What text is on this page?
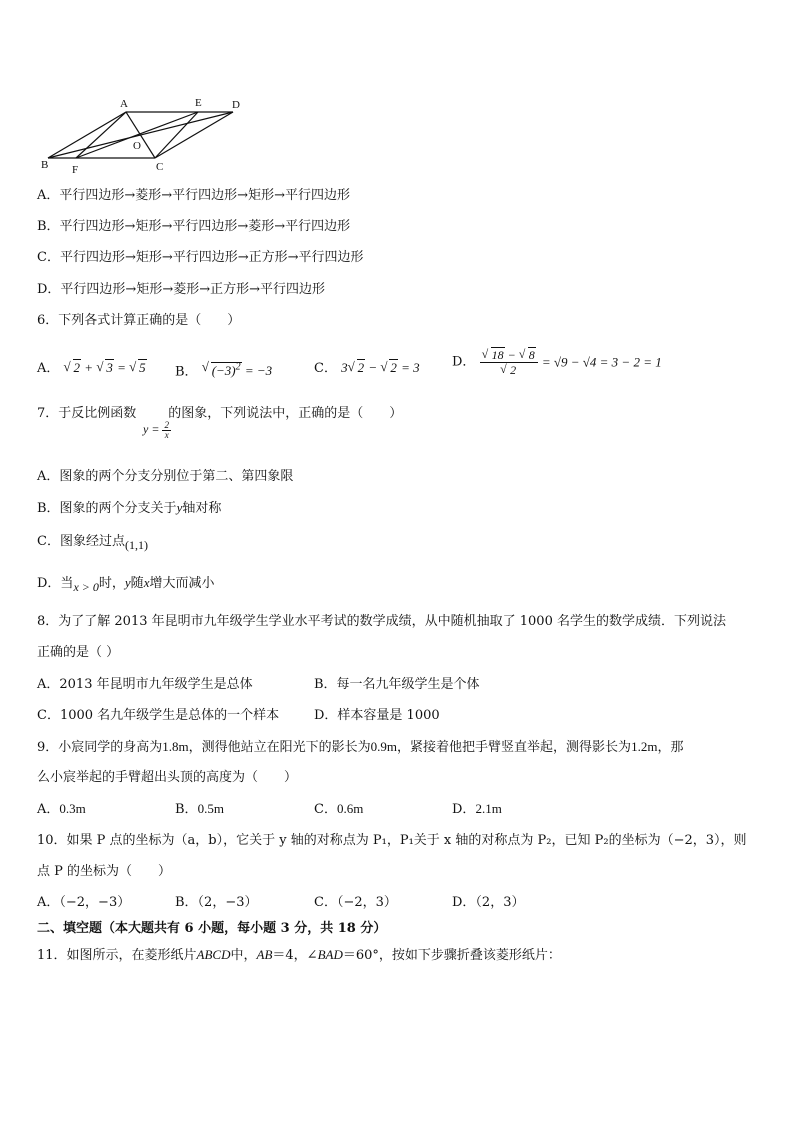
A	E	D
B F	C
O
A．平行四边形→菱形→平行四边形→矩形→平行四边形
B．平行四边形→矩形→平行四边形→菱形→平行四边形
C．平行四边形→矩形→平行四边形→正方形→平行四边形
D．平行四边形→矩形→菱形→正方形→平行四边形
6．下列各式计算正确的是（　　）
A． √ 2 + √ 3 = √ 5 B． √ $(-3)^2 = -3$	C． 3 √ 2 − √ 2 = 3 D． √ 18 − √ 8
√ 2 = √9 − √4 = 3 − 2 = 1
7．于反比例函数 的图象，下列说法中，正确的是（　　）
$y = \frac{2}{x}$
A．图象的两个分支分别位于第二、第四象限
B．图象的两个分支关于y轴对称
C．图象经过点(1,1)
D．当x > 0时，y随x增大而减小
8．为了了解 2013 年昆明市九年级学生学业水平考试的数学成绩，从中随机抽取了 1000 名学生的数学成绩．下列说法
正确的是（ ）
A．2013 年昆明市九年级学生是总体	B．每一名九年级学生是个体
C．1000 名九年级学生是总体的一个样本	D．样本容量是 1000
9．小宸同学的身高为1.8m，测得他站立在阳光下的影长为0.9m，紧接着他把手臂竖直举起，测得影长为1.2m，那
么小宸举起的手臂超出头顶的高度为（　　）
A．0.3m	B．0.5m	C．0.6m	D．2.1m
10．如果 P 点的坐标为（a，b），它关于 y 轴的对称点为 P₁，P₁关于 x 轴的对称点为 P₂，已知 P₂的坐标为（−2，3），则
点 P 的坐标为（　　）
A．（−2，−3）	B．（2，−3）	C．（−2，3）	D．（2，3）
二、填空题（本大题共有 6 小题，每小题 3 分，共 18 分）
11．如图所示，在菱形纸片ABCD中，AB＝4，∠BAD＝60°，按如下步骤折叠该菱形纸片：
